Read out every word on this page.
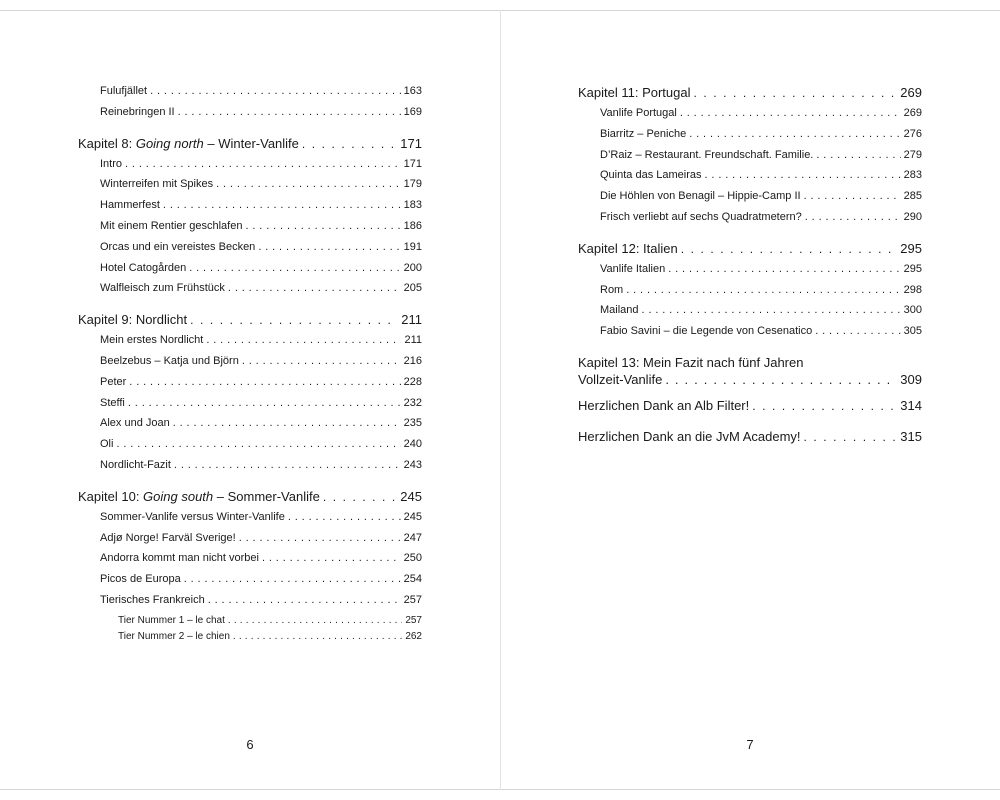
Fulufjället . . .	163
Reinebringen II . . .	169
Kapitel 8: Going north – Winter-Vanlife . . .	171
Intro . . .	171
Winterreifen mit Spikes . . .	179
Hammerfest . . .	183
Mit einem Rentier geschlafen . . .	186
Orcas und ein vereistes Becken . . .	191
Hotel Catogården . . .	200
Walfleisch zum Frühstück . . .	205
Kapitel 9: Nordlicht . . .	211
Mein erstes Nordlicht . . .	211
Beelzebus – Katja und Björn . . .	216
Peter . . .	228
Steffi . . .	232
Alex und Joan . . .	235
Oli . . .	240
Nordlicht-Fazit . . .	243
Kapitel 10: Going south – Sommer-Vanlife . . .	245
Sommer-Vanlife versus Winter-Vanlife . . .	245
Adjø Norge! Farväl Sverige! . . .	247
Andorra kommt man nicht vorbei . . .	250
Picos de Europa . . .	254
Tierisches Frankreich . . .	257
Tier Nummer 1 – le chat . . .	257
Tier Nummer 2 – le chien . . .	262
6
Kapitel 11: Portugal . . .	269
Vanlife Portugal . . .	269
Biarritz – Peniche . . .	276
D’Raiz – Restaurant. Freundschaft. Familie. . . .	279
Quinta das Lameiras . . .	283
Die Höhlen von Benagil – Hippie-Camp II . . .	285
Frisch verliebt auf sechs Quadratmetern? . . .	290
Kapitel 12: Italien . . .	295
Vanlife Italien . . .	295
Rom . . .	298
Mailand . . .	300
Fabio Savini – die Legende von Cesenatico . . .	305
Kapitel 13: Mein Fazit nach fünf Jahren
Vollzeit-Vanlife . . .	309
Herzlichen Dank an Alb Filter! . . .	314
Herzlichen Dank an die JvM Academy! . . .	315
7
